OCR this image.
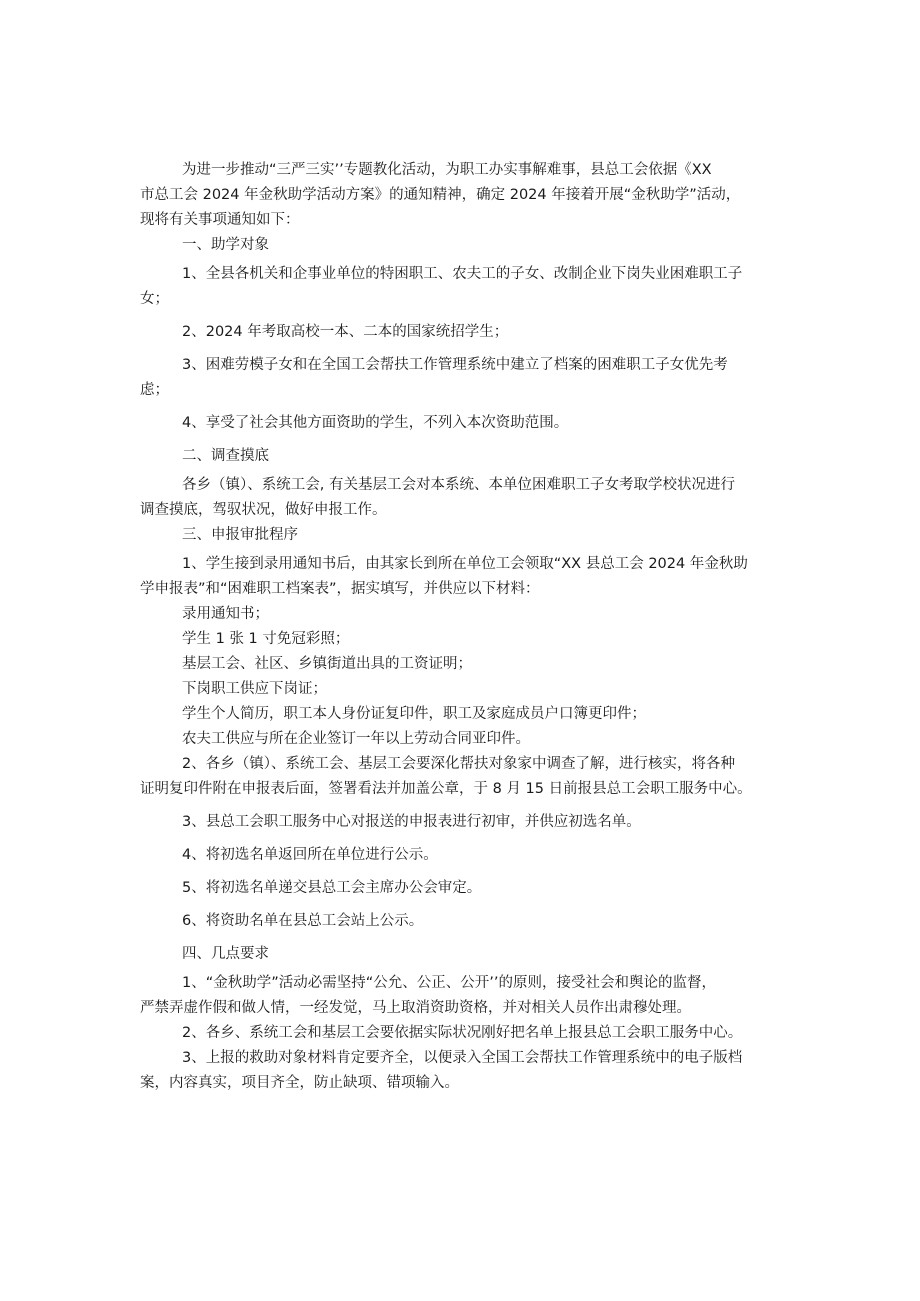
为进一步推动“三严三实’’专题教化活动，为职工办实事解难事，县总工会依据《XX

市总工会 2024 年金秋助学活动方案》的通知精神，确定 2024 年接着开展“金秋助学”活动，

现将有关事项通知如下：

一、助学对象

1、全县各机关和企事业单位的特困职工、农夫工的子女、改制企业下岗失业困难职工子

女；

2、2024 年考取高校一本、二本的国家统招学生；

3、困难劳模子女和在全国工会帮扶工作管理系统中建立了档案的困难职工子女优先考

虑；

4、享受了社会其他方面资助的学生，不列入本次资助范围。

二、调查摸底

各乡（镇）、系统工会, 有关基层工会对本系统、本单位困难职工子女考取学校状况进行

调查摸底，驾驭状况，做好申报工作。

三、申报审批程序

1、学生接到录用通知书后，由其家长到所在单位工会领取“XX 县总工会 2024 年金秋助

学申报表”和“困难职工档案表”，据实填写，并供应以下材料：

录用通知书；

学生 1 张 1 寸免冠彩照；

基层工会、社区、乡镇街道出具的工资证明；

下岗职工供应下岗证；

学生个人简历，职工本人身份证复印件，职工及家庭成员户口簿更印件；

农夫工供应与所在企业签订一年以上劳动合同亚印件。

2、各乡（镇）、系统工会、基层工会要深化帮扶对象家中调查了解，进行核实，将各种

证明复印件附在申报表后面，签署看法并加盖公章，于 8 月 15 日前报县总工会职工服务中心。

3、县总工会职工服务中心对报送的申报表进行初审，并供应初选名单。

4、将初选名单返回所在单位进行公示。

5、将初选名单递交县总工会主席办公会审定。

6、将资助名单在县总工会站上公示。

四、几点要求

1、“金秋助学”活动必需坚持“公允、公正、公开’’的原则，接受社会和舆论的监督，

严禁弄虚作假和做人情，一经发觉，马上取消资助资格，并对相关人员作出肃穆处理。

2、各乡、系统工会和基层工会要依据实际状况刚好把名单上报县总工会职工服务中心。

3、上报的救助对象材料肯定要齐全，以便录入全国工会帮扶工作管理系统中的电子版档

案，内容真实，项目齐全，防止缺项、错项输入。
